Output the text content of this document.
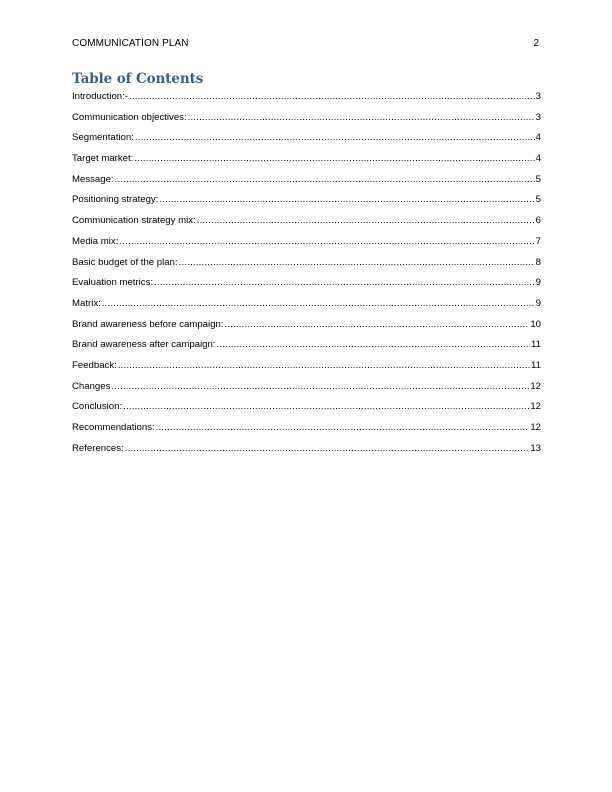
COMMUNICATION PLAN	2
Table of Contents
Introduction:- .....	3
Communication objectives: .....	3
Segmentation: .....	4
Target market: .....	4
Message: .....	5
Positioning strategy: .....	5
Communication strategy mix: .....	6
Media mix: .....	7
Basic budget of the plan: .....	8
Evaluation metrics: .....	9
Matrix: .....	9
Brand awareness before campaign: .....	10
Brand awareness after campaign: .....	11
Feedback: .....	11
Changes .....	12
Conclusion: .....	12
Recommendations: .....	12
References: .....	13
